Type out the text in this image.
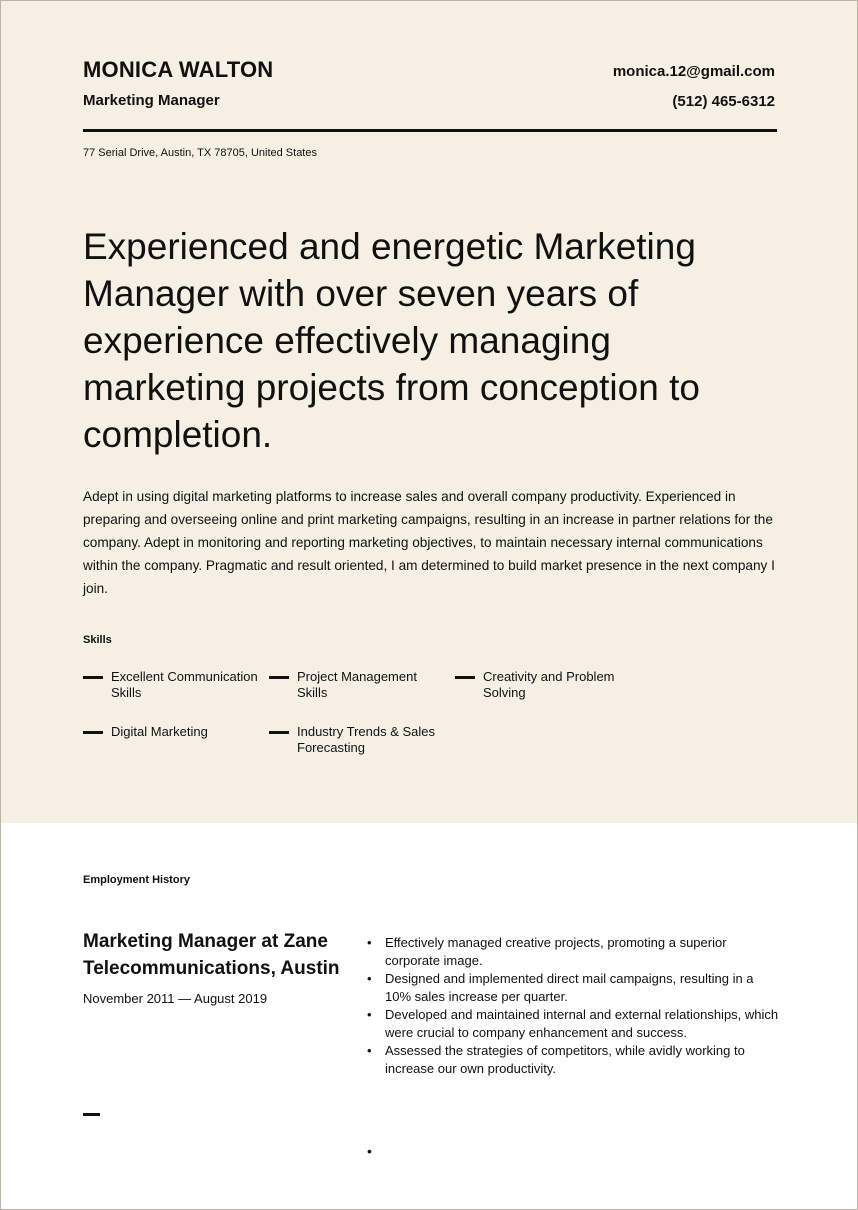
MONICA WALTON
Marketing Manager
monica.12@gmail.com
(512) 465-6312
77 Serial Drive, Austin, TX 78705, United States
Experienced and energetic Marketing Manager with over seven years of experience effectively managing marketing projects from conception to completion.
Adept in using digital marketing platforms to increase sales and overall company productivity. Experienced in preparing and overseeing online and print marketing campaigns, resulting in an increase in partner relations for the company. Adept in monitoring and reporting marketing objectives, to maintain necessary internal communications within the company. Pragmatic and result oriented, I am determined to build market presence in the next company I join.
Skills
Excellent Communication Skills
Project Management Skills
Creativity and Problem Solving
Digital Marketing	Industry Trends & Sales Forecasting
Employment History
Marketing Manager at Zane Telecommunications, Austin
November 2011 — August 2019
• Effectively managed creative projects, promoting a superior corporate image.
• Designed and implemented direct mail campaigns, resulting in a 10% sales increase per quarter.
• Developed and maintained internal and external relationships, which were crucial to company enhancement and success.
• Assessed the strategies of competitors, while avidly working to increase our own productivity.
•
